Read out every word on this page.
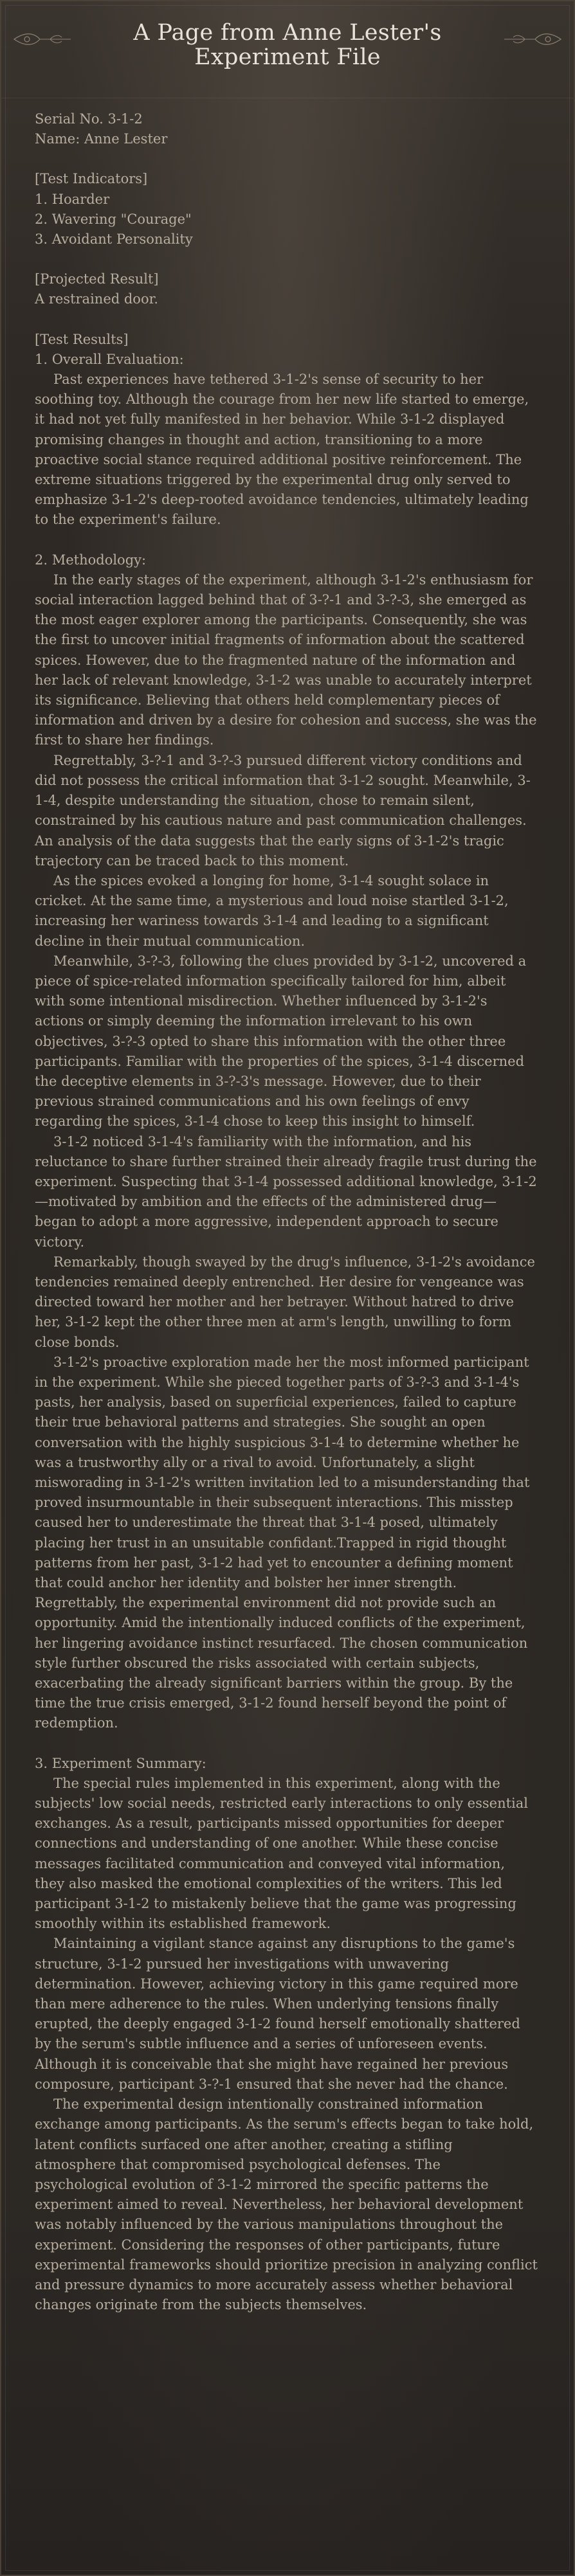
A Page from Anne Lester's Experiment File
Serial No. 3-1-2
Name: Anne Lester
[Test Indicators]
1. Hoarder
2. Wavering "Courage"
3. Avoidant Personality
[Projected Result]
A restrained door.
[Test Results]
1. Overall Evaluation:

Past experiences have tethered 3-1-2's sense of security to her soothing toy. Although the courage from her new life started to emerge, it had not yet fully manifested in her behavior. While 3-1-2 displayed promising changes in thought and action, transitioning to a more proactive social stance required additional positive reinforcement. The extreme situations triggered by the experimental drug only served to emphasize 3-1-2's deep-rooted avoidance tendencies, ultimately leading to the experiment's failure.

2. Methodology:

In the early stages of the experiment, although 3-1-2's enthusiasm for social interaction lagged behind that of 3-?-1 and 3-?-3, she emerged as the most eager explorer among the participants. Consequently, she was the first to uncover initial fragments of information about the scattered spices. However, due to the fragmented nature of the information and her lack of relevant knowledge, 3-1-2 was unable to accurately interpret its significance. Believing that others held complementary pieces of information and driven by a desire for cohesion and success, she was the first to share her findings.

Regrettably, 3-?-1 and 3-?-3 pursued different victory conditions and did not possess the critical information that 3-1-2 sought. Meanwhile, 3-1-4, despite understanding the situation, chose to remain silent, constrained by his cautious nature and past communication challenges. An analysis of the data suggests that the early signs of 3-1-2's tragic trajectory can be traced back to this moment.

As the spices evoked a longing for home, 3-1-4 sought solace in cricket. At the same time, a mysterious and loud noise startled 3-1-2, increasing her wariness towards 3-1-4 and leading to a significant decline in their mutual communication.

Meanwhile, 3-?-3, following the clues provided by 3-1-2, uncovered a piece of spice-related information specifically tailored for him, albeit with some intentional misdirection. Whether influenced by 3-1-2's actions or simply deeming the information irrelevant to his own objectives, 3-?-3 opted to share this information with the other three participants. Familiar with the properties of the spices, 3-1-4 discerned the deceptive elements in 3-?-3's message. However, due to their previous strained communications and his own feelings of envy regarding the spices, 3-1-4 chose to keep this insight to himself.

3-1-2 noticed 3-1-4's familiarity with the information, and his reluctance to share further strained their already fragile trust during the experiment. Suspecting that 3-1-4 possessed additional knowledge, 3-1-2—motivated by ambition and the effects of the administered drug—began to adopt a more aggressive, independent approach to secure victory.

Remarkably, though swayed by the drug's influence, 3-1-2's avoidance tendencies remained deeply entrenched. Her desire for vengeance was directed toward her mother and her betrayer. Without hatred to drive her, 3-1-2 kept the other three men at arm's length, unwilling to form close bonds.

3-1-2's proactive exploration made her the most informed participant in the experiment. While she pieced together parts of 3-?-3 and 3-1-4's pasts, her analysis, based on superficial experiences, failed to capture their true behavioral patterns and strategies. She sought an open conversation with the highly suspicious 3-1-4 to determine whether he was a trustworthy ally or a rival to avoid. Unfortunately, a slight misworading in 3-1-2's written invitation led to a misunderstanding that proved insurmountable in their subsequent interactions. This misstep caused her to underestimate the threat that 3-1-4 posed, ultimately placing her trust in an unsuitable confidant.Trapped in rigid thought patterns from her past, 3-1-2 had yet to encounter a defining moment that could anchor her identity and bolster her inner strength. Regrettably, the experimental environment did not provide such an opportunity. Amid the intentionally induced conflicts of the experiment, her lingering avoidance instinct resurfaced. The chosen communication style further obscured the risks associated with certain subjects, exacerbating the already significant barriers within the group. By the time the true crisis emerged, 3-1-2 found herself beyond the point of redemption.

3. Experiment Summary:

The special rules implemented in this experiment, along with the subjects' low social needs, restricted early interactions to only essential exchanges. As a result, participants missed opportunities for deeper connections and understanding of one another. While these concise messages facilitated communication and conveyed vital information, they also masked the emotional complexities of the writers. This led participant 3-1-2 to mistakenly believe that the game was progressing smoothly within its established framework.

Maintaining a vigilant stance against any disruptions to the game's structure, 3-1-2 pursued her investigations with unwavering determination. However, achieving victory in this game required more than mere adherence to the rules. When underlying tensions finally erupted, the deeply engaged 3-1-2 found herself emotionally shattered by the serum's subtle influence and a series of unforeseen events. Although it is conceivable that she might have regained her previous composure, participant 3-?-1 ensured that she never had the chance.

The experimental design intentionally constrained information exchange among participants. As the serum's effects began to take hold, latent conflicts surfaced one after another, creating a stifling atmosphere that compromised psychological defenses. The psychological evolution of 3-1-2 mirrored the specific patterns the experiment aimed to reveal. Nevertheless, her behavioral development was notably influenced by the various manipulations throughout the experiment. Considering the responses of other participants, future experimental frameworks should prioritize precision in analyzing conflict and pressure dynamics to more accurately assess whether behavioral changes originate from the subjects themselves.
